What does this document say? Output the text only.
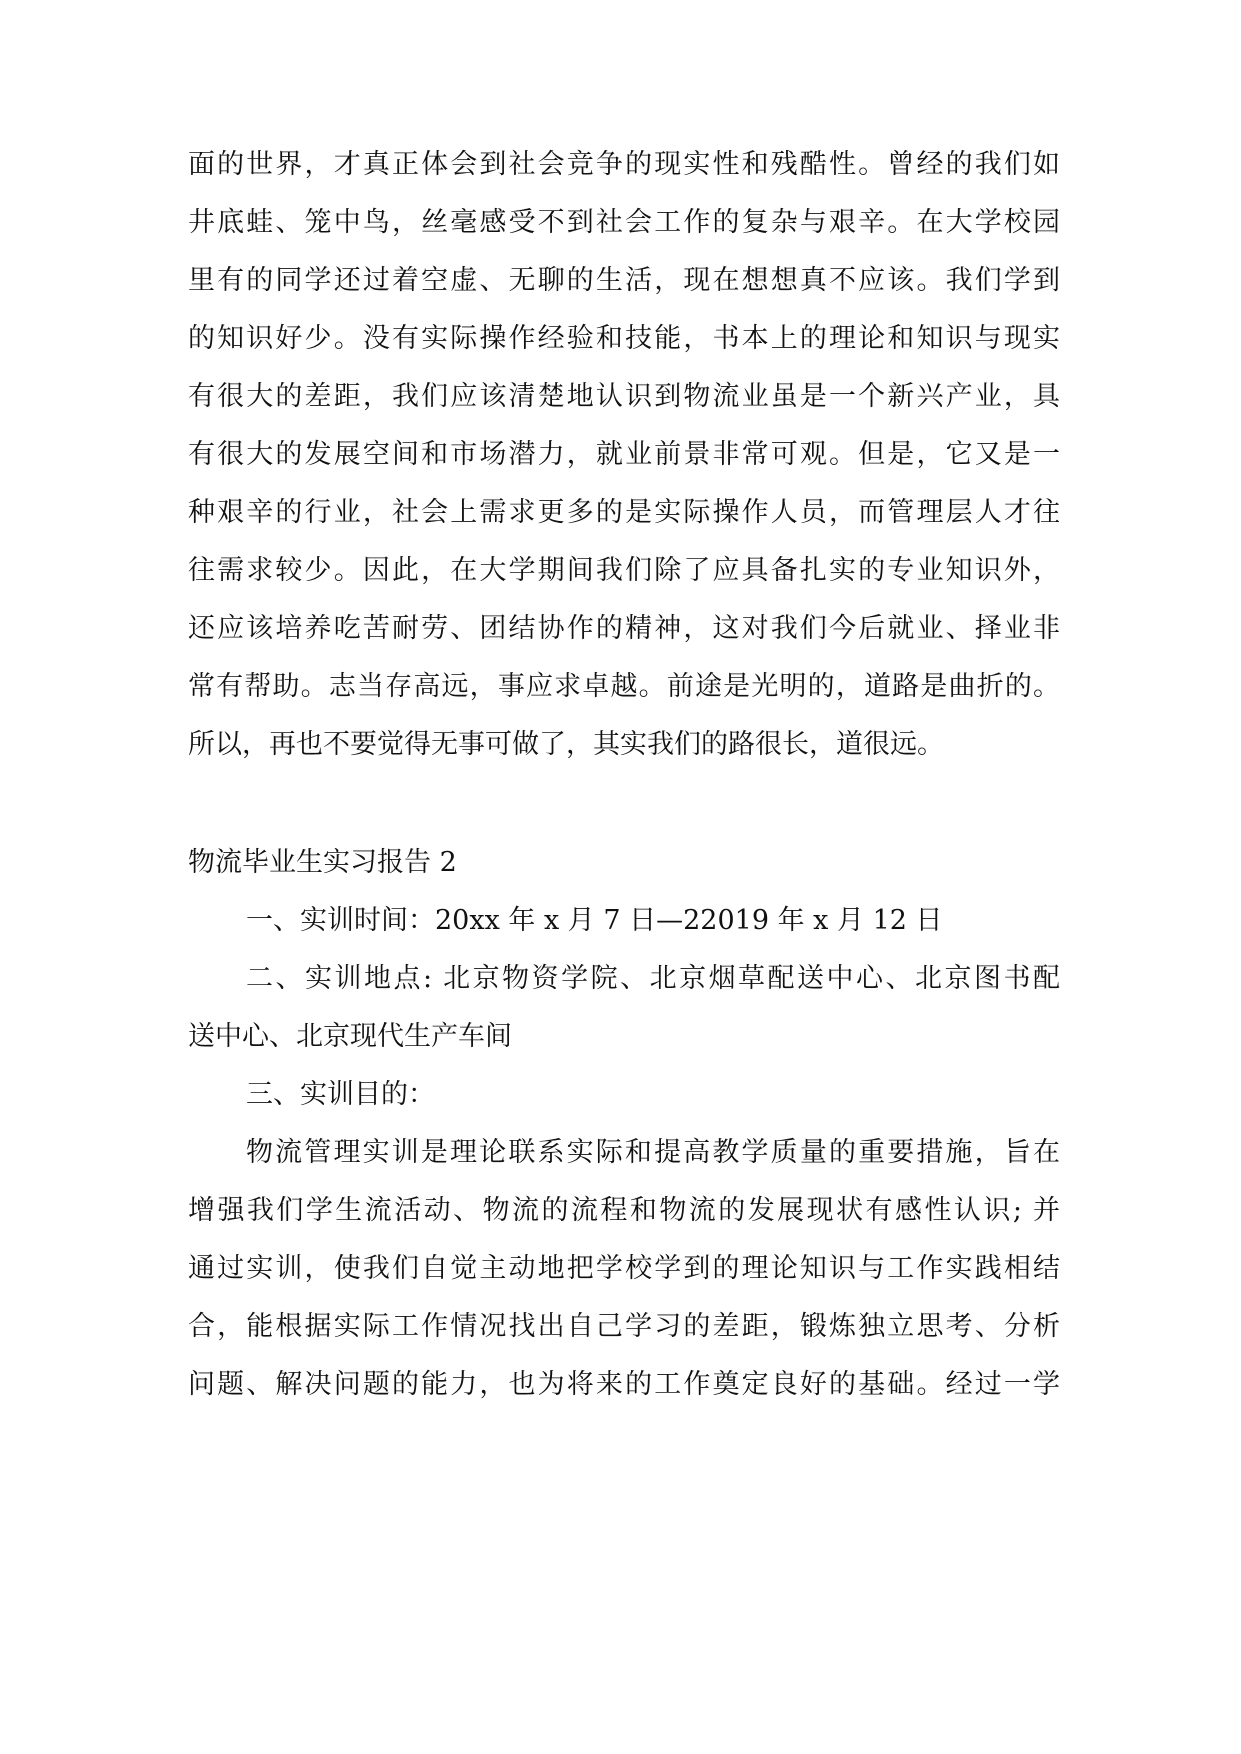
面的世界，才真正体会到社会竞争的现实性和残酷性。曾经的我们如
井底蛙、笼中鸟，丝毫感受不到社会工作的复杂与艰辛。在大学校园
里有的同学还过着空虚、无聊的生活，现在想想真不应该。我们学到
的知识好少。没有实际操作经验和技能，书本上的理论和知识与现实
有很大的差距，我们应该清楚地认识到物流业虽是一个新兴产业，具
有很大的发展空间和市场潜力，就业前景非常可观。但是，它又是一
种艰辛的行业，社会上需求更多的是实际操作人员，而管理层人才往
往需求较少。因此，在大学期间我们除了应具备扎实的专业知识外，
还应该培养吃苦耐劳、团结协作的精神，这对我们今后就业、择业非
常有帮助。志当存高远，事应求卓越。前途是光明的，道路是曲折的。
所以，再也不要觉得无事可做了，其实我们的路很长，道很远。
物流毕业生实习报告 2
一、实训时间：20xx 年 x 月 7 日—22019 年 x 月 12 日
二、实训地点: 北京物资学院、北京烟草配送中心、北京图书配
送中心、北京现代生产车间
三、实训目的：
物流管理实训是理论联系实际和提高教学质量的重要措施，旨在
增强我们学生流活动、物流的流程和物流的发展现状有感性认识; 并
通过实训，使我们自觉主动地把学校学到的理论知识与工作实践相结
合，能根据实际工作情况找出自己学习的差距，锻炼独立思考、分析
问题、解决问题的能力，也为将来的工作奠定良好的基础。经过一学
